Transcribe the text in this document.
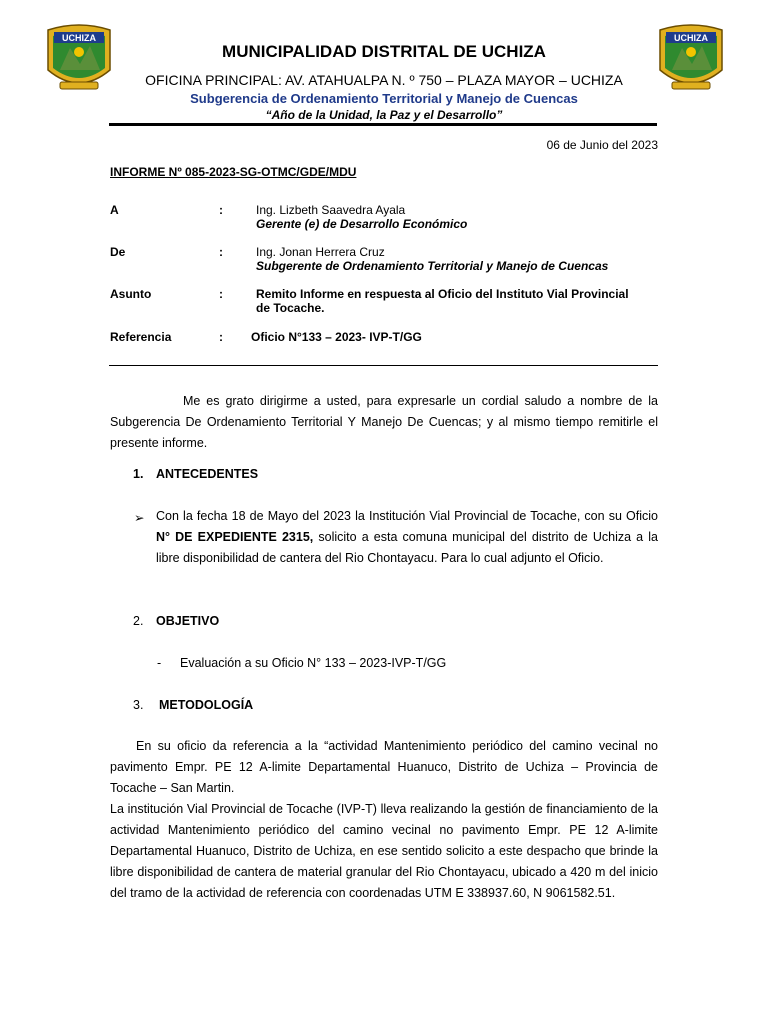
UCHIZA	UCHIZA
MUNICIPALIDAD DISTRITAL DE UCHIZA
OFICINA PRINCIPAL: AV. ATAHUALPA N. º 750 – PLAZA MAYOR – UCHIZA
Subgerencia de Ordenamiento Territorial y Manejo de Cuencas
“Año de la Unidad, la Paz y el Desarrollo”
06 de Junio del 2023
INFORME Nº 085-2023-SG-OTMC/GDE/MDU
A	:	Ing. Lizbeth Saavedra Ayala
Gerente (e) de Desarrollo Económico
De	:	Ing. Jonan Herrera Cruz
Subgerente de Ordenamiento Territorial y Manejo de Cuencas
Asunto	:	Remito Informe en respuesta al Oficio del Instituto Vial Provincial
de Tocache.
Referencia	: Oficio N°133 – 2023- IVP-T/GG
Me es grato dirigirme a usted, para expresarle un cordial saludo a nombre de la Subgerencia De Ordenamiento Territorial Y Manejo De Cuencas; y al mismo tiempo remitirle el presente informe.
1. ANTECEDENTES
➢ Con la fecha 18 de Mayo del 2023 la Institución Vial Provincial de Tocache, con su Oficio N° DE EXPEDIENTE 2315, solicito a esta comuna municipal del distrito de Uchiza a la libre disponibilidad de cantera del Rio Chontayacu. Para lo cual adjunto el Oficio.
2. OBJETIVO
- Evaluación a su Oficio N° 133 – 2023-IVP-T/GG
3. METODOLOGÍA
En su oficio da referencia a la “actividad Mantenimiento periódico del camino vecinal no pavimento Empr. PE 12 A-limite Departamental Huanuco, Distrito de Uchiza – Provincia de Tocache – San Martin.
La institución Vial Provincial de Tocache (IVP-T) lleva realizando la gestión de financiamiento de la actividad Mantenimiento periódico del camino vecinal no pavimento Empr. PE 12 A-limite Departamental Huanuco, Distrito de Uchiza, en ese sentido solicito a este despacho que brinde la libre disponibilidad de cantera de material granular del Rio Chontayacu, ubicado a 420 m del inicio del tramo de la actividad de referencia con coordenadas UTM E 338937.60, N 9061582.51.
